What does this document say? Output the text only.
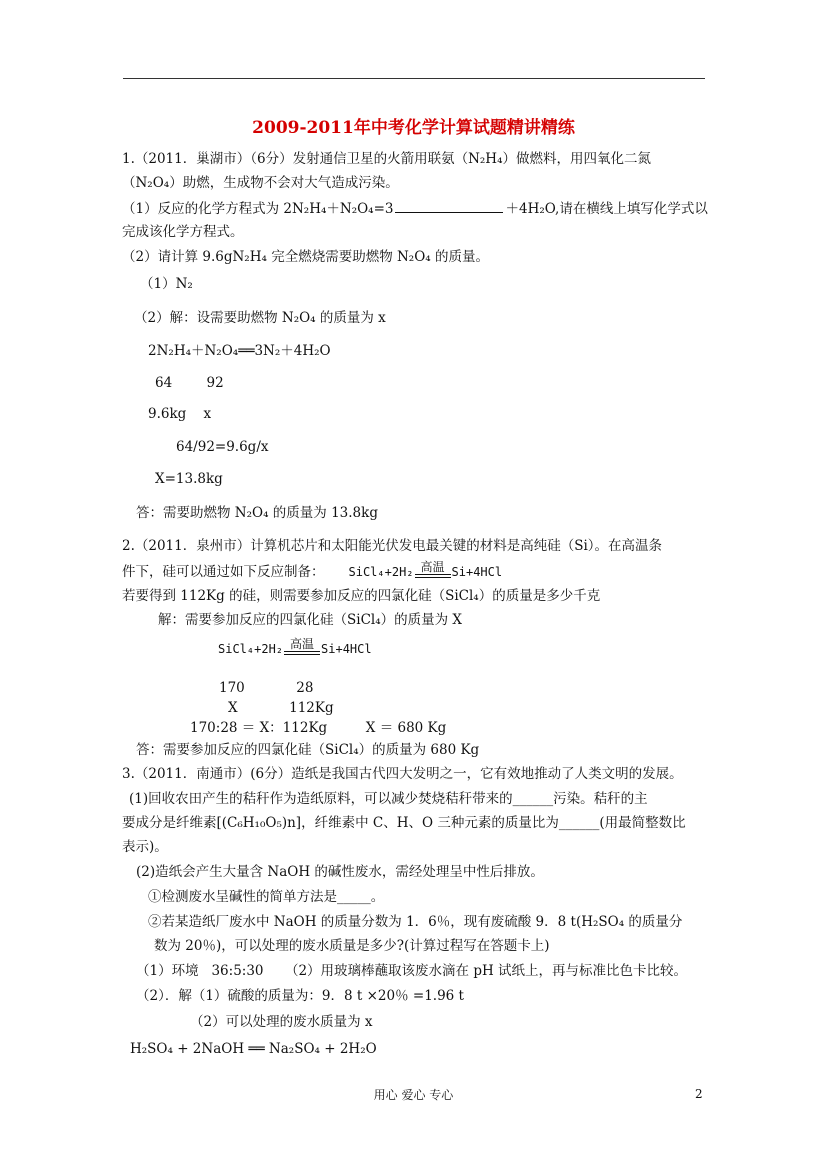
2009-2011年中考化学计算试题精讲精练
1.（2011．巢湖市）（6分）发射通信卫星的火箭用联氨（N₂H₄）做燃料，用四氧化二氮
（N₂O₄）助燃，生成物不会对大气造成污染。
（1）反应的化学方程式为 2N₂H₄＋N₂O₄=3	＋4H₂O,请在横线上填写化学式以
完成该化学方程式。
（2）请计算 9.6gN₂H₄ 完全燃烧需要助燃物 N₂O₄ 的质量。
（1）N₂
（2）解：设需要助燃物 N₂O₄ 的质量为 x
2N₂H₄＋N₂O₄══3N₂＋4H₂O
64        92
9.6kg    x
64/92=9.6g/x
X=13.8kg
答：需要助燃物 N₂O₄ 的质量为 13.8kg
2.（2011．泉州市）计算机芯片和太阳能光伏发电最关键的材料是高纯硅（Si）。在高温条
件下，硅可以通过如下反应制备： SiCl₄+2H₂ 高温 Si+4HCl
若要得到 112Kg 的硅，则需要参加反应的四氯化硅（SiCl₄）的质量是多少千克
解：需要参加反应的四氯化硅（SiCl₄）的质量为 X
SiCl₄+2H₂ 高温 Si+4HCl
170            28
X            112Kg
170:28 ＝ X：112Kg         X ＝ 680 Kg
答：需要参加反应的四氯化硅（SiCl₄）的质量为 680 Kg
3.（2011．南通市）(6分）造纸是我国古代四大发明之一，它有效地推动了人类文明的发展。
(1)回收农田产生的秸秆作为造纸原料，可以减少焚烧秸秆带来的______污染。秸秆的主
要成分是纤维素[(C₆H₁₀O₅)n]，纤维素中 C、H、O 三种元素的质量比为______(用最简整数比
表示)。
(2)造纸会产生大量含 NaOH 的碱性废水，需经处理呈中性后排放。
①检测废水呈碱性的简单方法是_____。
②若某造纸厂废水中 NaOH 的质量分数为 1．6％，现有废硫酸 9．8 t(H₂SO₄ 的质量分
数为 20％)，可以处理的废水质量是多少?(计算过程写在答题卡上)
（1）环境   36:5:30     （2）用玻璃棒蘸取该废水滴在 pH 试纸上，再与标准比色卡比较。
（2）．解（1）硫酸的质量为：9．8 t ×20％ =1.96 t
（2）可以处理的废水质量为 x
H₂SO₄ + 2NaOH ══ Na₂SO₄ + 2H₂O
用心 爱心 专心	2
